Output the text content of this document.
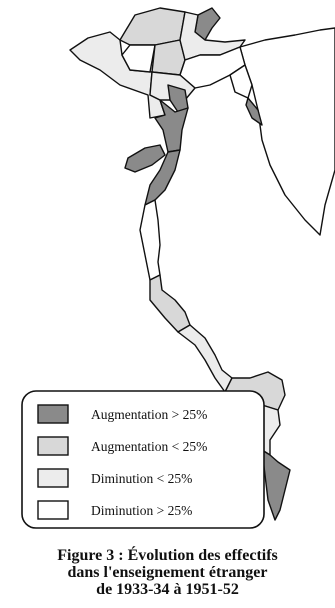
Augmentation > 25%
Augmentation < 25%
Diminution < 25%
Diminution > 25%
Figure 3 : Évolution des effectifs
dans l'enseignement étranger
de 1933-34 à 1951-52
